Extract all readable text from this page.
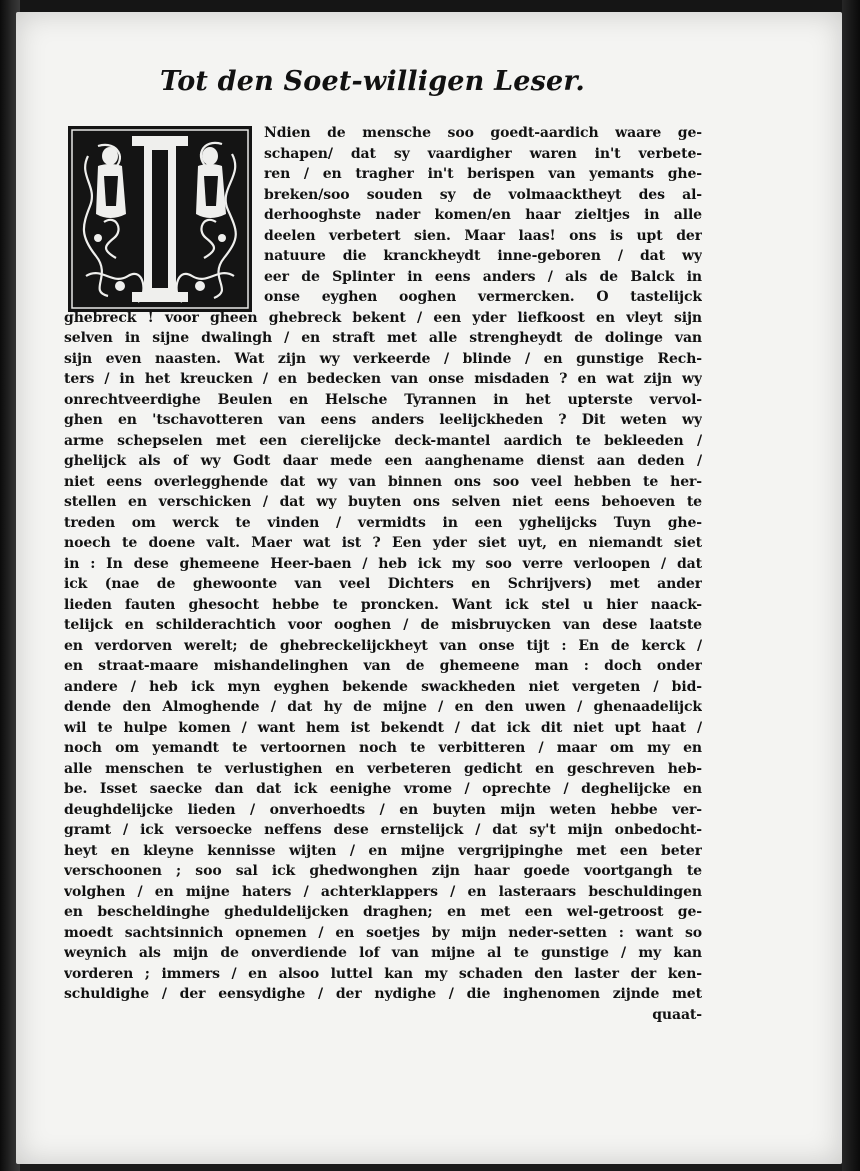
Tot den Soet-willigen Leser.
Ndien de mensche soo goedt-aardich waare ge-
schapen/ dat sy vaardigher waren in't verbete-
ren / en tragher in't berispen van yemants ghe-
breken/soo souden sy de volmaacktheyt des al-
derhooghste nader komen/en haar zieltjes in alle
deelen verbetert sien. Maar laas! ons is upt der
natuure die kranckheydt inne-geboren / dat wy
eer de Splinter in eens anders / als de Balck in
onse eyghen ooghen vermercken. O tastelijck
ghebreck ! voor gheen ghebreck bekent / een yder liefkoost en vleyt sijn
selven in sijne dwalingh / en straft met alle strengheydt de dolinge van
sijn even naasten. Wat zijn wy verkeerde / blinde / en gunstige Rech-
ters / in het kreucken / en bedecken van onse misdaden ? en wat zijn wy
onrechtveerdighe Beulen en Helsche Tyrannen in het upterste vervol-
ghen en 'tschavotteren van eens anders leelijckheden ? Dit weten wy
arme schepselen met een cierelijcke deck-mantel aardich te bekleeden /
ghelijck als of wy Godt daar mede een aanghename dienst aan deden /
niet eens overlegghende dat wy van binnen ons soo veel hebben te her-
stellen en verschicken / dat wy buyten ons selven niet eens behoeven te
treden om werck te vinden / vermidts in een yghelijcks Tuyn ghe-
noech te doene valt. Maer wat ist ? Een yder siet uyt, en niemandt siet
in : In dese ghemeene Heer-baen / heb ick my soo verre verloopen / dat
ick (nae de ghewoonte van veel Dichters en Schrijvers) met ander
lieden fauten ghesocht hebbe te proncken. Want ick stel u hier naack-
telijck en schilderachtich voor ooghen / de misbruycken van dese laatste
en verdorven werelt; de ghebreckelijckheyt van onse tijt : En de kerck /
en straat-maare mishandelinghen van de ghemeene man : doch onder
andere / heb ick myn eyghen bekende swackheden niet vergeten / bid-
dende den Almoghende / dat hy de mijne / en den uwen / ghenaadelijck
wil te hulpe komen / want hem ist bekendt / dat ick dit niet upt haat /
noch om yemandt te vertoornen noch te verbitteren / maar om my en
alle menschen te verlustighen en verbeteren gedicht en geschreven heb-
be. Isset saecke dan dat ick eenighe vrome / oprechte / deghelijcke en
deughdelijcke lieden / onverhoedts / en buyten mijn weten hebbe ver-
gramt / ick versoecke neffens dese ernstelijck / dat sy't mijn onbedocht-
heyt en kleyne kennisse wijten / en mijne vergrijpinghe met een beter
verschoonen ; soo sal ick ghedwonghen zijn haar goede voortgangh te
volghen / en mijne haters / achterklappers / en lasteraars beschuldingen
en bescheldinghe gheduldelijcken draghen; en met een wel-getroost ge-
moedt sachtsinnich opnemen / en soetjes by mijn neder-setten : want so
weynich als mijn de onverdiende lof van mijne al te gunstige / my kan
vorderen ; immers / en alsoo luttel kan my schaden den laster der ken-
schuldighe / der eensydighe / der nydighe / die inghenomen zijnde met
quaat-
